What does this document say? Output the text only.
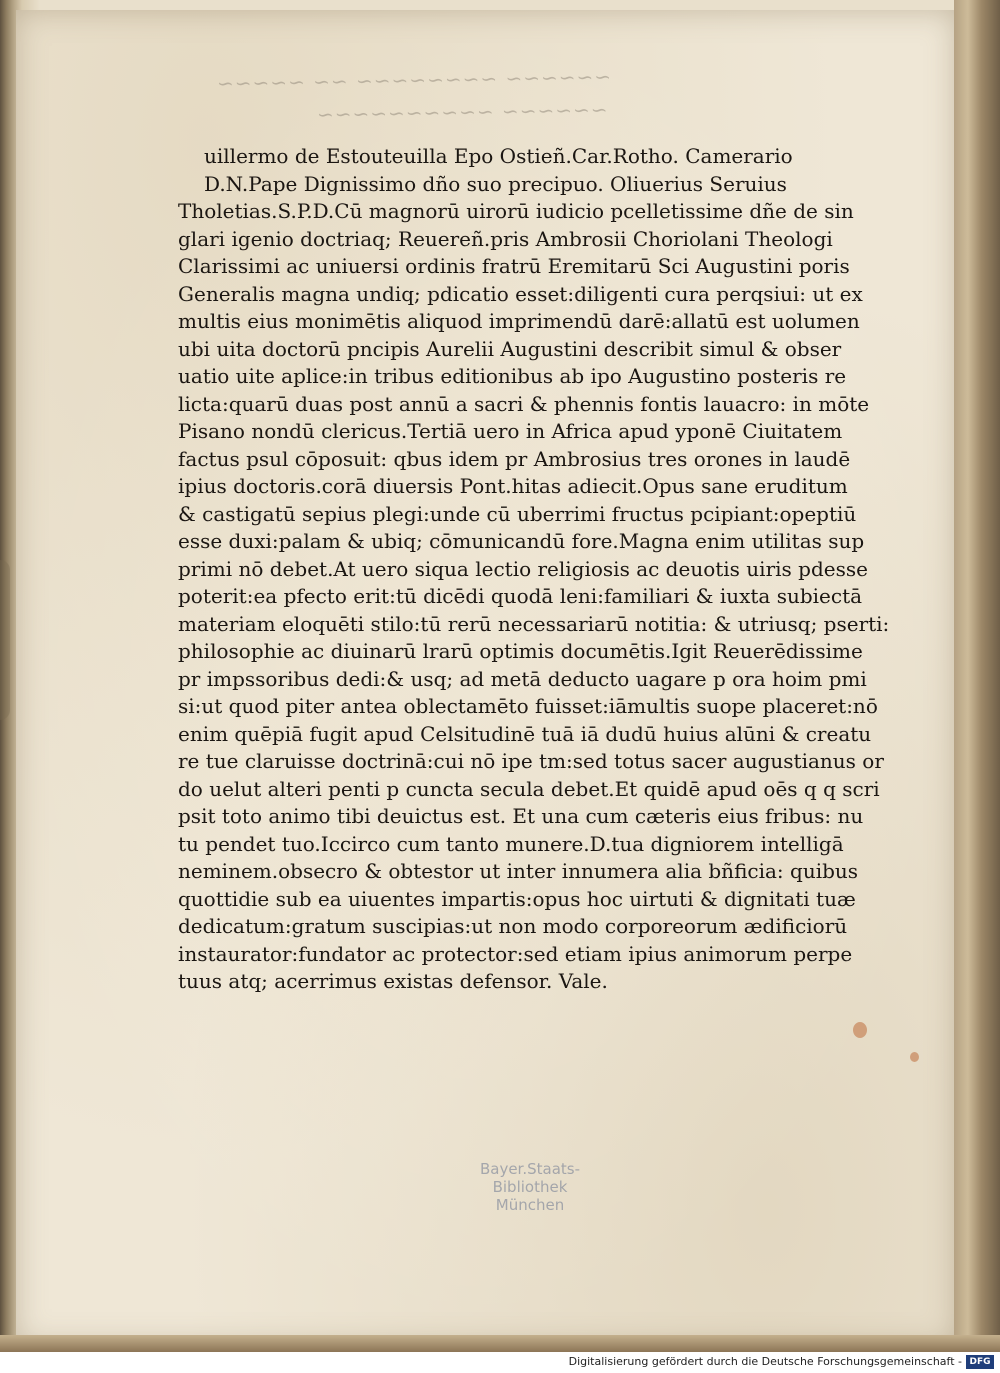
~~~~~~ ~~~~~~~~ ~~ ~~~~~
~~~~~~ ~~~~~~~~~~
uillermo de Estouteuilla Epo Ostieñ.Car.Rotho. Camerario
D.N.Pape Dignissimo dño suo precipuo. Oliuerius Seruius
Tholetias.S.P.D.Cū magnorū uirorū iudicio pcelletissime dñe de sin
glari igenio doctriaq; Reuereñ.pris Ambrosii Choriolani Theologi
Clarissimi ac uniuersi ordinis fratrū Eremitarū Sci Augustini poris
Generalis magna undiq; pdicatio esset:diligenti cura perqsiui: ut ex
multis eius monimētis aliquod imprimendū darē:allatū est uolumen
ubi uita doctorū pncipis Aurelii Augustini describit simul & obser
uatio uite aplice:in tribus editionibus ab ipo Augustino posteris re
licta:quarū duas post annū a sacri & phennis fontis lauacro: in mōte
Pisano nondū clericus.Tertiā uero in Africa apud yponē Ciuitatem
factus psul cōposuit: qbus idem pr Ambrosius tres orones in laudē
ipius doctoris.corā diuersis Pont.hitas adiecit.Opus sane eruditum
& castigatū sepius plegi:unde cū uberrimi fructus pcipiant:opeptiū
esse duxi:palam & ubiq; cōmunicandū fore.Magna enim utilitas sup
primi nō debet.At uero siqua lectio religiosis ac deuotis uiris pdesse
poterit:ea pfecto erit:tū dicēdi quodā leni:familiari & iuxta subiectā
materiam eloquēti stilo:tū rerū necessariarū notitia: & utriusq; pserti:
philosophie ac diuinarū lrarū optimis documētis.Igit Reuerēdissime
pr impssoribus dedi:& usq; ad metā deducto uagare p ora hoim pmi
si:ut quod piter antea oblectamēto fuisset:iāmultis suope placeret:nō
enim quēpiā fugit apud Celsitudinē tuā iā dudū huius alūni & creatu
re tue claruisse doctrinā:cui nō ipe tm:sed totus sacer augustianus or
do uelut alteri penti p cuncta secula debet.Et quidē apud oēs q q scri
psit toto animo tibi deuictus est. Et una cum cæteris eius fribus: nu
tu pendet tuo.Iccirco cum tanto munere.D.tua digniorem intelligā
neminem.obsecro & obtestor ut inter innumera alia bñficia: quibus
quottidie sub ea uiuentes impartis:opus hoc uirtuti & dignitati tuæ
dedicatum:gratum suscipias:ut non modo corporeorum ædificiorū
instaurator:fundator ac protector:sed etiam ipius animorum perpe
tuus atq; acerrimus existas defensor. Vale.
Bayer.Staats-
Bibliothek
München
Digitalisierung gefördert durch die Deutsche Forschungsgemeinschaft - DFG
